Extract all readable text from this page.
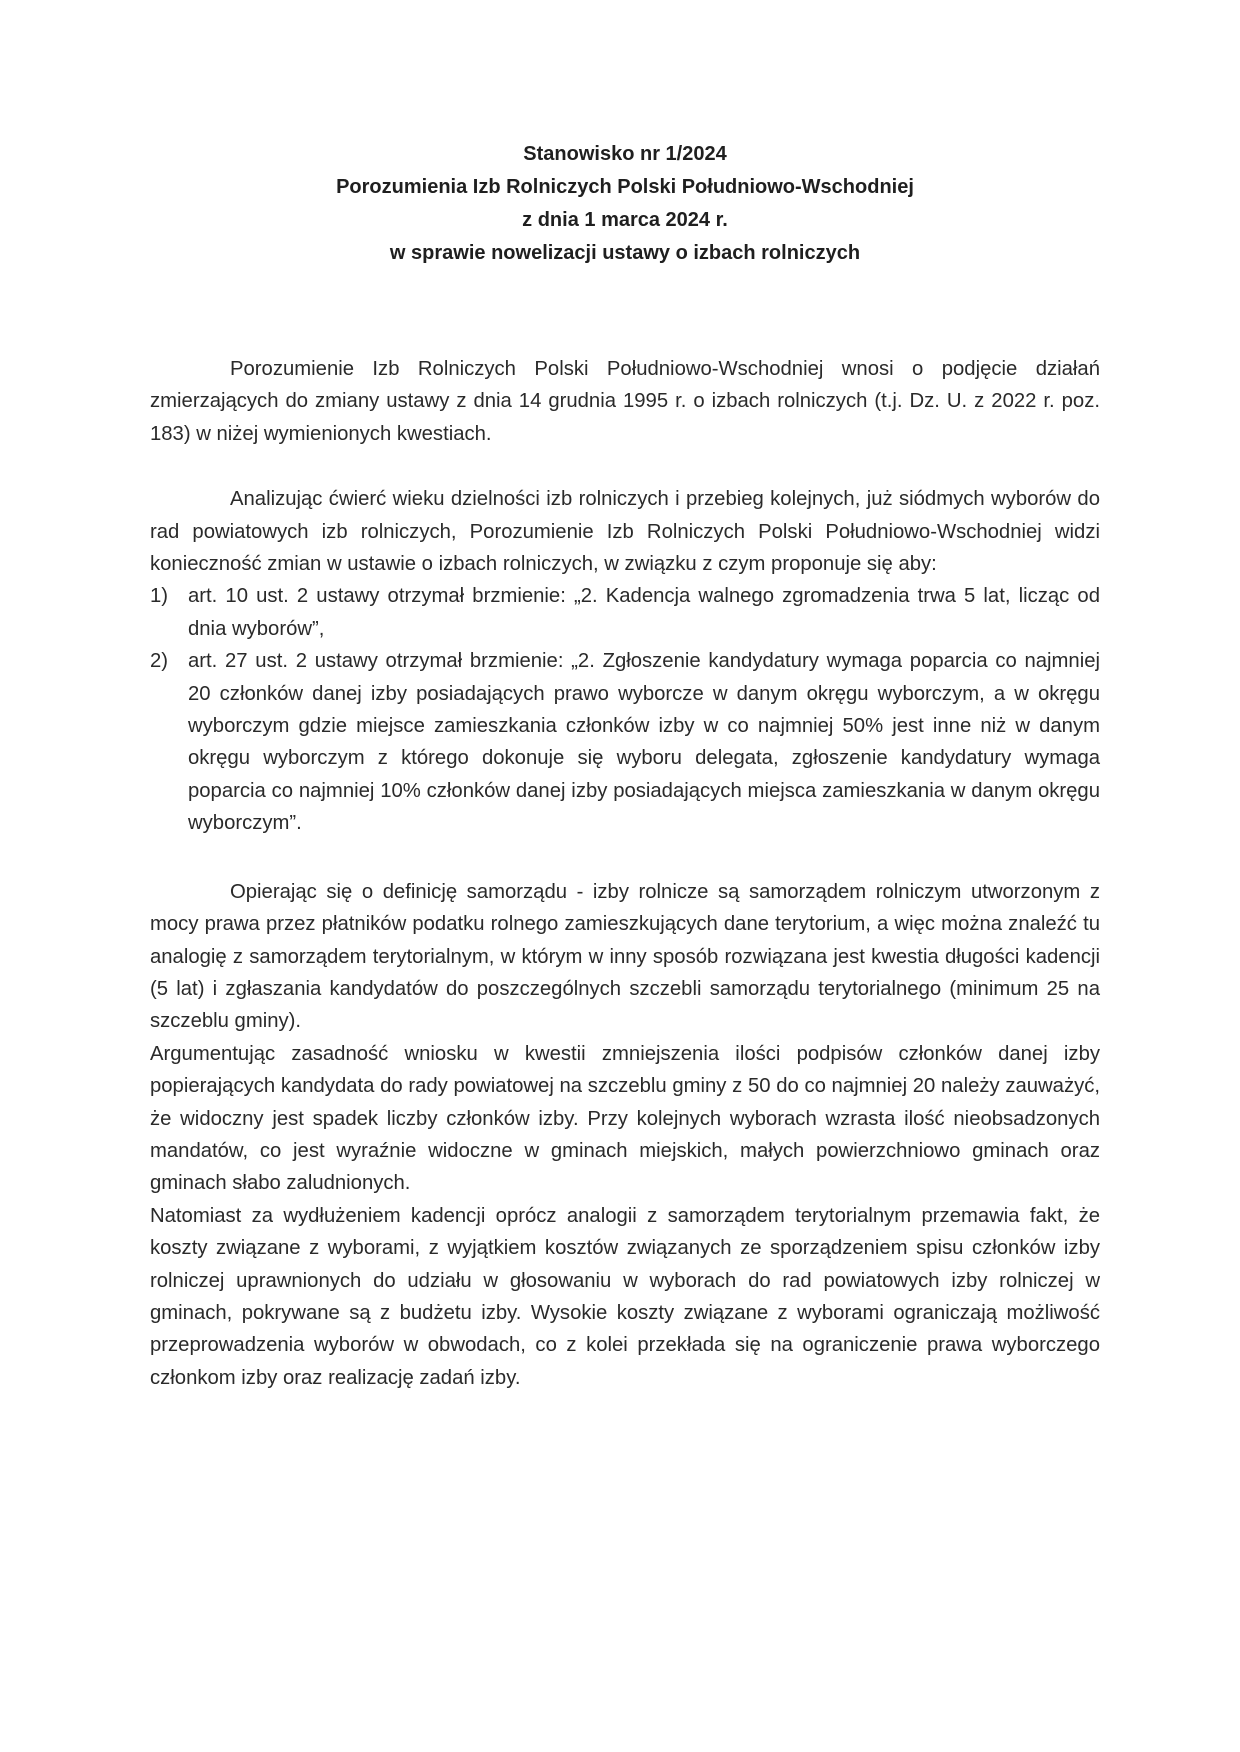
Stanowisko nr 1/2024
Porozumienia Izb Rolniczych Polski Południowo-Wschodniej
z dnia 1 marca 2024 r.
w sprawie nowelizacji ustawy o izbach rolniczych

Porozumienie Izb Rolniczych Polski Południowo-Wschodniej wnosi o podjęcie działań zmierzających do zmiany ustawy z dnia 14 grudnia 1995 r. o izbach rolniczych (t.j. Dz. U. z 2022 r. poz. 183) w niżej wymienionych kwestiach.

Analizując ćwierć wieku dzielności izb rolniczych i przebieg kolejnych, już siódmych wyborów do rad powiatowych izb rolniczych, Porozumienie Izb Rolniczych Polski Południowo-Wschodniej widzi konieczność zmian w ustawie o izbach rolniczych, w związku z czym proponuje się aby:

1) art. 10 ust. 2 ustawy otrzymał brzmienie: „2. Kadencja walnego zgromadzenia trwa 5 lat, licząc od dnia wyborów”,
2) art. 27 ust. 2 ustawy otrzymał brzmienie: „2. Zgłoszenie kandydatury wymaga poparcia co najmniej 20 członków danej izby posiadających prawo wyborcze w danym okręgu wyborczym, a w okręgu wyborczym gdzie miejsce zamieszkania członków izby w co najmniej 50% jest inne niż w danym okręgu wyborczym z którego dokonuje się wyboru delegata, zgłoszenie kandydatury wymaga poparcia co najmniej 10% członków danej izby posiadających miejsca zamieszkania w danym okręgu wyborczym”.

Opierając się o definicję samorządu - izby rolnicze są samorządem rolniczym utworzonym z mocy prawa przez płatników podatku rolnego zamieszkujących dane terytorium, a więc można znaleźć tu analogię z samorządem terytorialnym, w którym w inny sposób rozwiązana jest kwestia długości kadencji (5 lat) i zgłaszania kandydatów do poszczególnych szczebli samorządu terytorialnego (minimum 25 na szczeblu gminy).

Argumentując zasadność wniosku w kwestii zmniejszenia ilości podpisów członków danej izby popierających kandydata do rady powiatowej na szczeblu gminy z 50 do co najmniej 20 należy zauważyć, że widoczny jest spadek liczby członków izby. Przy kolejnych wyborach wzrasta ilość nieobsadzonych mandatów, co jest wyraźnie widoczne w gminach miejskich, małych powierzchniowo gminach oraz gminach słabo zaludnionych.

Natomiast za wydłużeniem kadencji oprócz analogii z samorządem terytorialnym przemawia fakt, że koszty związane z wyborami, z wyjątkiem kosztów związanych ze sporządzeniem spisu członków izby rolniczej uprawnionych do udziału w głosowaniu w wyborach do rad powiatowych izby rolniczej w gminach, pokrywane są z budżetu izby. Wysokie koszty związane z wyborami ograniczają możliwość przeprowadzenia wyborów w obwodach, co z kolei przekłada się na ograniczenie prawa wyborczego członkom izby oraz realizację zadań izby.
